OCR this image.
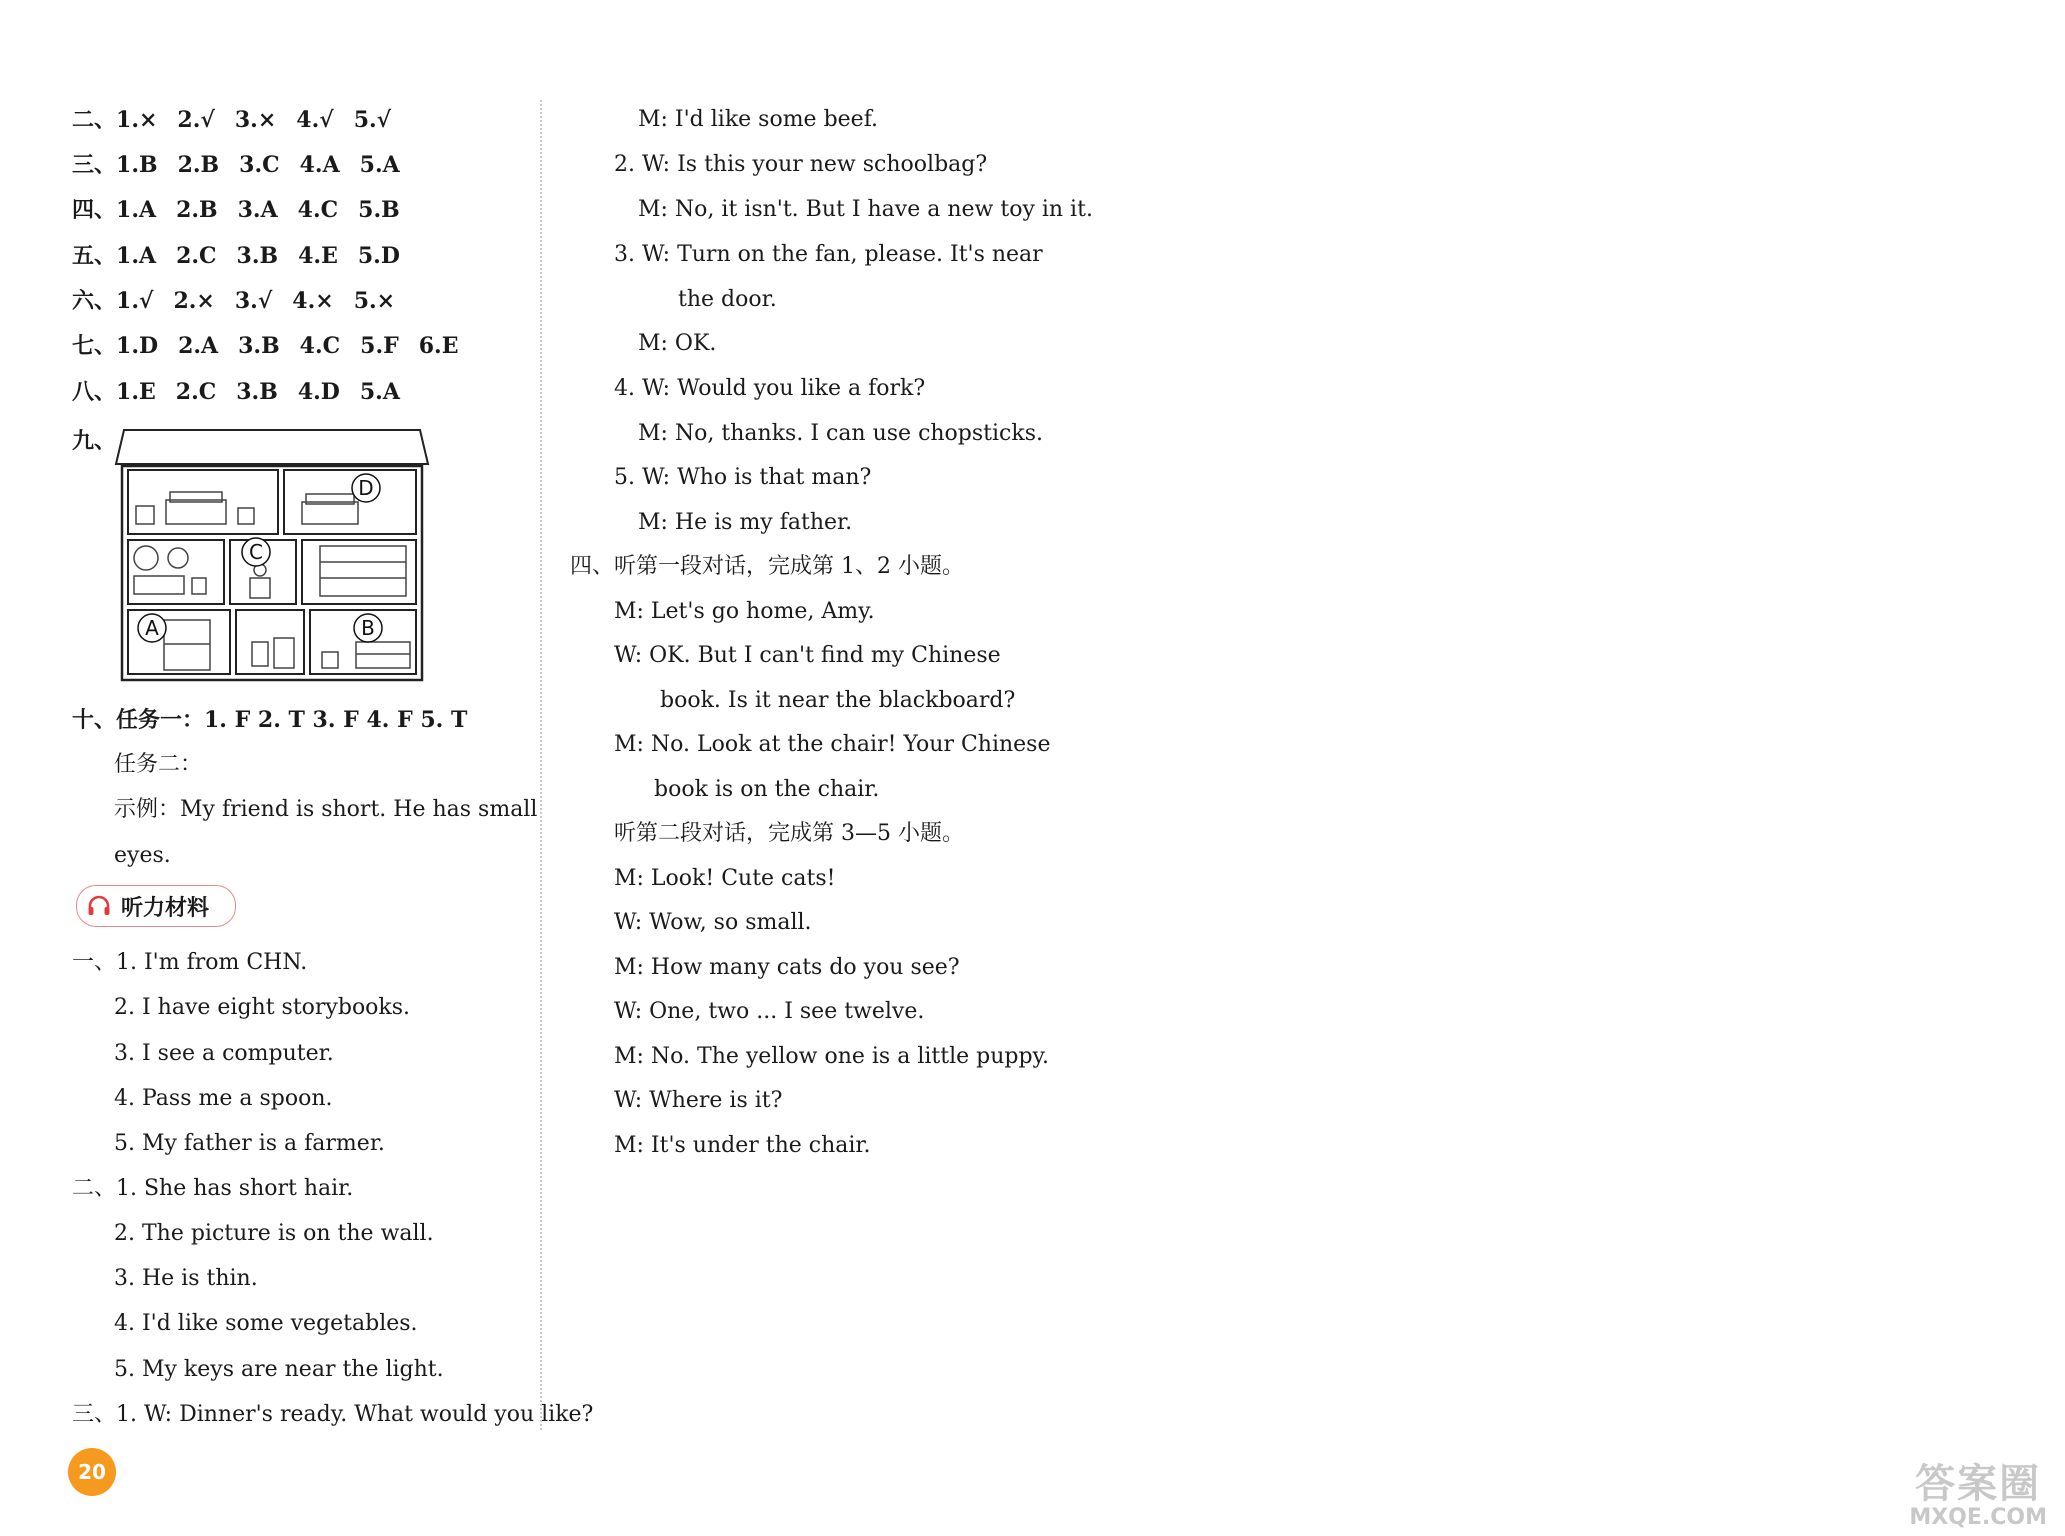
二、1.× 2.√ 3.× 4.√ 5.√
三、1.B 2.B 3.C 4.A 5.A
四、1.A 2.B 3.A 4.C 5.B
五、1.A 2.C 3.B 4.E 5.D
六、1.√ 2.× 3.√ 4.× 5.×
七、1.D 2.A 3.B 4.C 5.F 6.E
八、1.E 2.C 3.B 4.D 5.A
九、
D
C
A	B
十、任务一：1. F 2. T 3. F 4. F 5. T
任务二：
示例：My friend is short. He has small
eyes.
听力材料
一、1. I'm from CHN.
2. I have eight storybooks.
3. I see a computer.
4. Pass me a spoon.
5. My father is a farmer.
二、1. She has short hair.
2. The picture is on the wall.
3. He is thin.
4. I'd like some vegetables.
5. My keys are near the light.
三、1. W: Dinner's ready. What would you like?
M: I'd like some beef.
2. W: Is this your new schoolbag?
M: No, it isn't. But I have a new toy in it.
3. W: Turn on the fan, please. It's near
the door.
M: OK.
4. W: Would you like a fork?
M: No, thanks. I can use chopsticks.
5. W: Who is that man?
M: He is my father.
四、听第一段对话，完成第 1、2 小题。
M: Let's go home, Amy.
W: OK. But I can't find my Chinese
book. Is it near the blackboard?
M: No. Look at the chair! Your Chinese
book is on the chair.
听第二段对话，完成第 3—5 小题。
M: Look! Cute cats!
W: Wow, so small.
M: How many cats do you see?
W: One, two ... I see twelve.
M: No. The yellow one is a little puppy.
W: Where is it?
M: It's under the chair.
20	答案圈
MXQE.COM
